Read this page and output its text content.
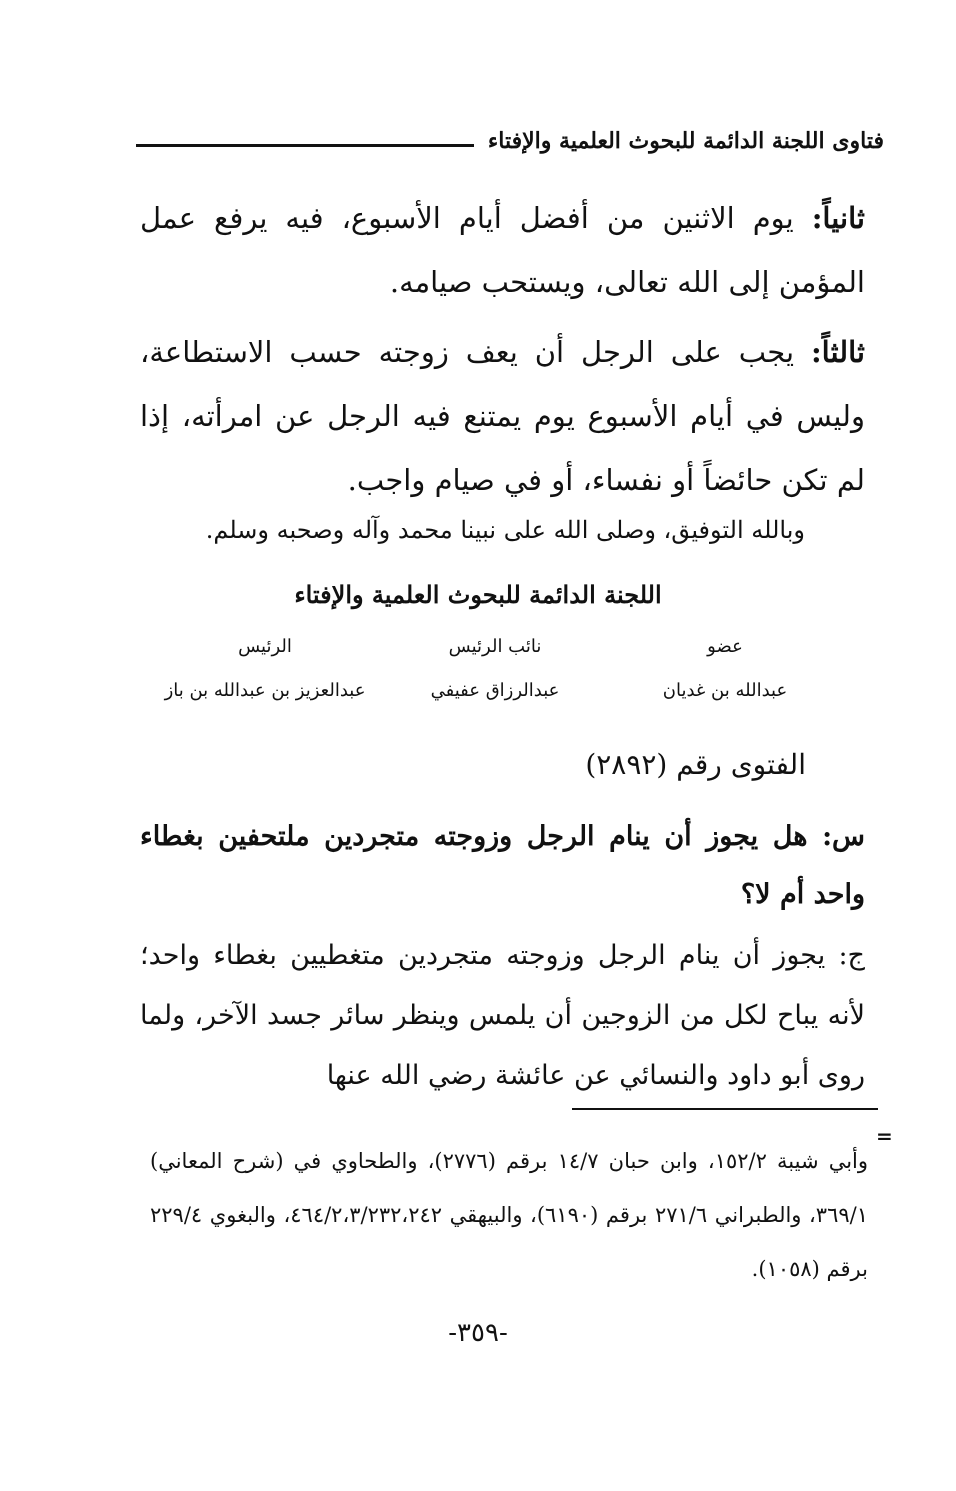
فتاوى اللجنة الدائمة للبحوث العلمية والإفتاء
ثانياً: يوم الاثنين من أفضل أيام الأسبوع، فيه يرفع عمل المؤمن إلى الله تعالى، ويستحب صيامه.
ثالثاً: يجب على الرجل أن يعف زوجته حسب الاستطاعة، وليس في أيام الأسبوع يوم يمتنع فيه الرجل عن امرأته، إذا لم تكن حائضاً أو نفساء، أو في صيام واجب.
وبالله التوفيق، وصلى الله على نبينا محمد وآله وصحبه وسلم.
اللجنة الدائمة للبحوث العلمية والإفتاء
عضو
نائب الرئيس
الرئيس
عبدالله بن غديان
عبدالرزاق عفيفي
عبدالعزيز بن عبدالله بن باز
الفتوى رقم (٢٨٩٢)
س: هل يجوز أن ينام الرجل وزوجته متجردين ملتحفين بغطاء واحد أم لا؟
ج: يجوز أن ينام الرجل وزوجته متجردين متغطيين بغطاء واحد؛ لأنه يباح لكل من الزوجين أن يلمس وينظر سائر جسد الآخر، ولما روى أبو داود والنسائي عن عائشة رضي الله عنها
=
وأبي شيبة ١٥٢/٢، وابن حبان ١٤/٧ برقم (٢٧٧٦)، والطحاوي في (شرح المعاني) ٣٦٩/١، والطبراني ٢٧١/٦ برقم (٦١٩٠)، والبيهقي ٤٦٤/٢،٣/٢٣٢،٢٤٢، والبغوي ٢٢٩/٤ برقم (١٠٥٨).
-٣٥٩-
